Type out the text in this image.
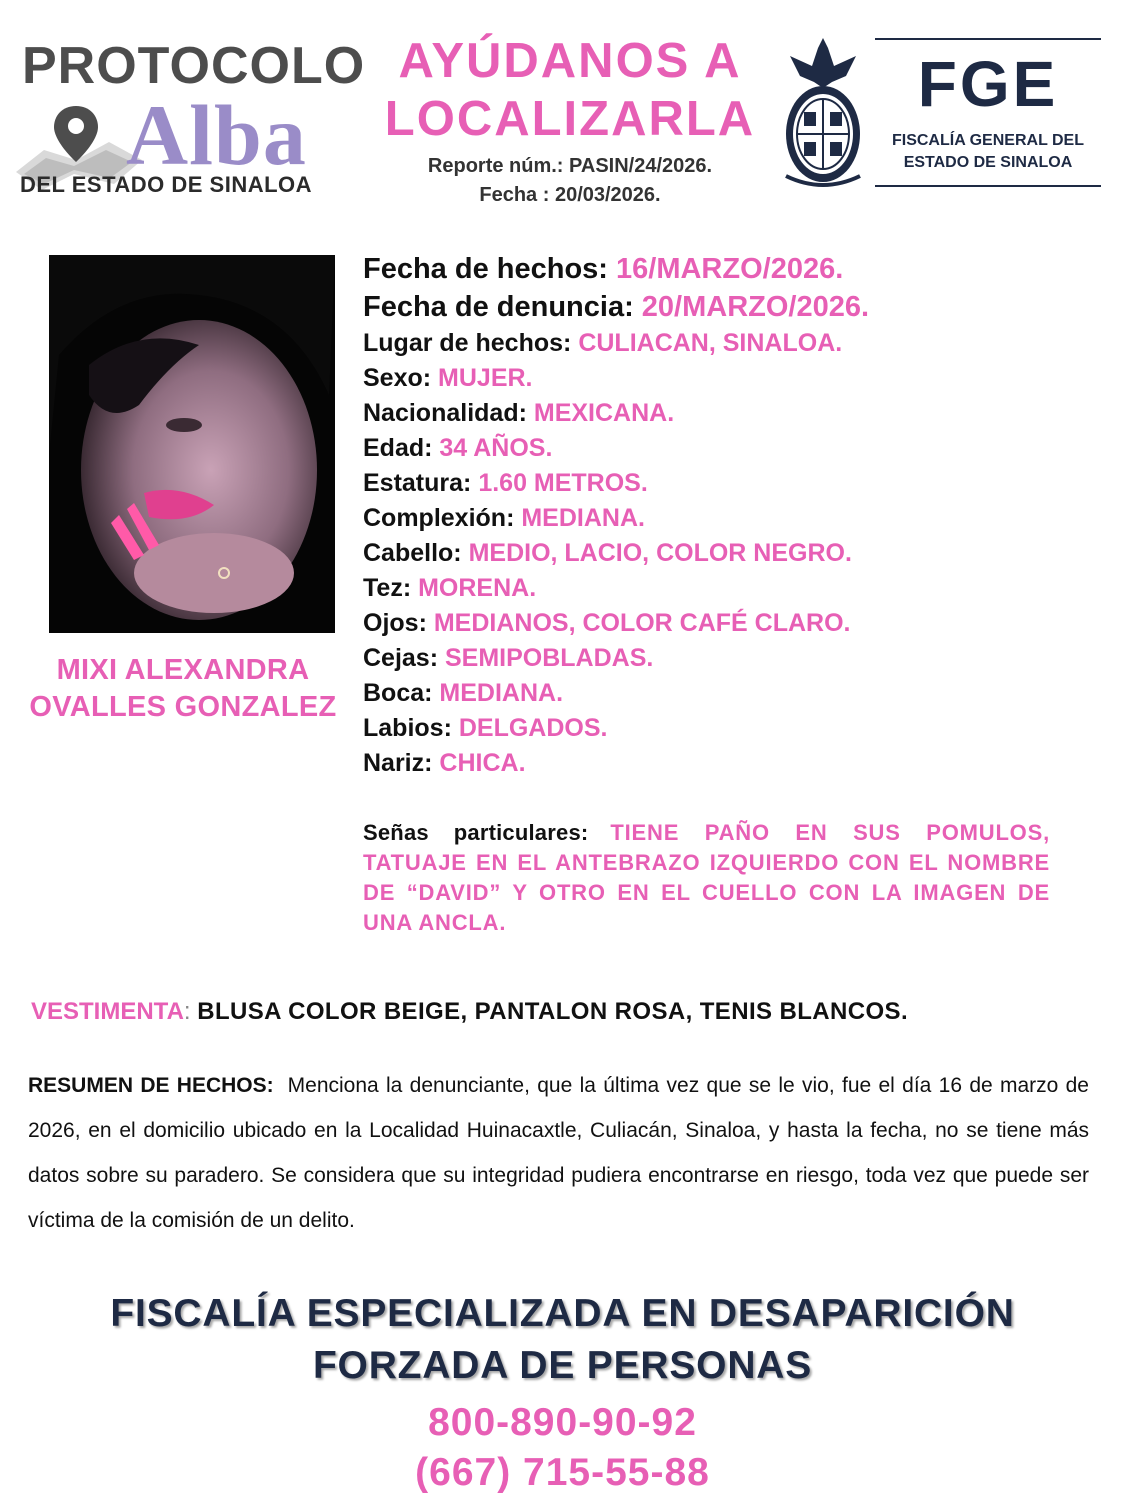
PROTOCOLO
Alba
DEL ESTADO DE SINALOA
AYÚDANOS A
LOCALIZARLA
Reporte núm.: PASIN/24/2026.
Fecha : 20/03/2026.
FGE
FISCALÍA GENERAL DEL
ESTADO DE SINALOA
MIXI ALEXANDRA
OVALLES GONZALEZ
Fecha de hechos: 16/MARZO/2026.
Fecha de denuncia: 20/MARZO/2026.
Lugar de hechos: CULIACAN, SINALOA.
Sexo: MUJER.
Nacionalidad: MEXICANA.
Edad: 34 AÑOS.
Estatura: 1.60 METROS.
Complexión: MEDIANA.
Cabello: MEDIO, LACIO, COLOR NEGRO.
Tez: MORENA.
Ojos: MEDIANOS, COLOR CAFÉ CLARO.
Cejas: SEMIPOBLADAS.
Boca: MEDIANA.
Labios: DELGADOS.
Nariz: CHICA.
Señas particulares: TIENE PAÑO EN SUS POMULOS, TATUAJE EN EL ANTEBRAZO IZQUIERDO CON EL NOMBRE DE “DAVID” Y OTRO EN EL CUELLO CON LA IMAGEN DE UNA ANCLA.
VESTIMENTA: BLUSA COLOR BEIGE, PANTALON ROSA, TENIS BLANCOS.
RESUMEN DE HECHOS: Menciona la denunciante, que la última vez que se le vio, fue el día 16 de marzo de 2026, en el domicilio ubicado en la Localidad Huinacaxtle, Culiacán, Sinaloa, y hasta la fecha, no se tiene más datos sobre su paradero. Se considera que su integridad pudiera encontrarse en riesgo, toda vez que puede ser víctima de la comisión de un delito.
FISCALÍA ESPECIALIZADA EN DESAPARICIÓN
FORZADA DE PERSONAS
800-890-90-92
(667) 715-55-88
